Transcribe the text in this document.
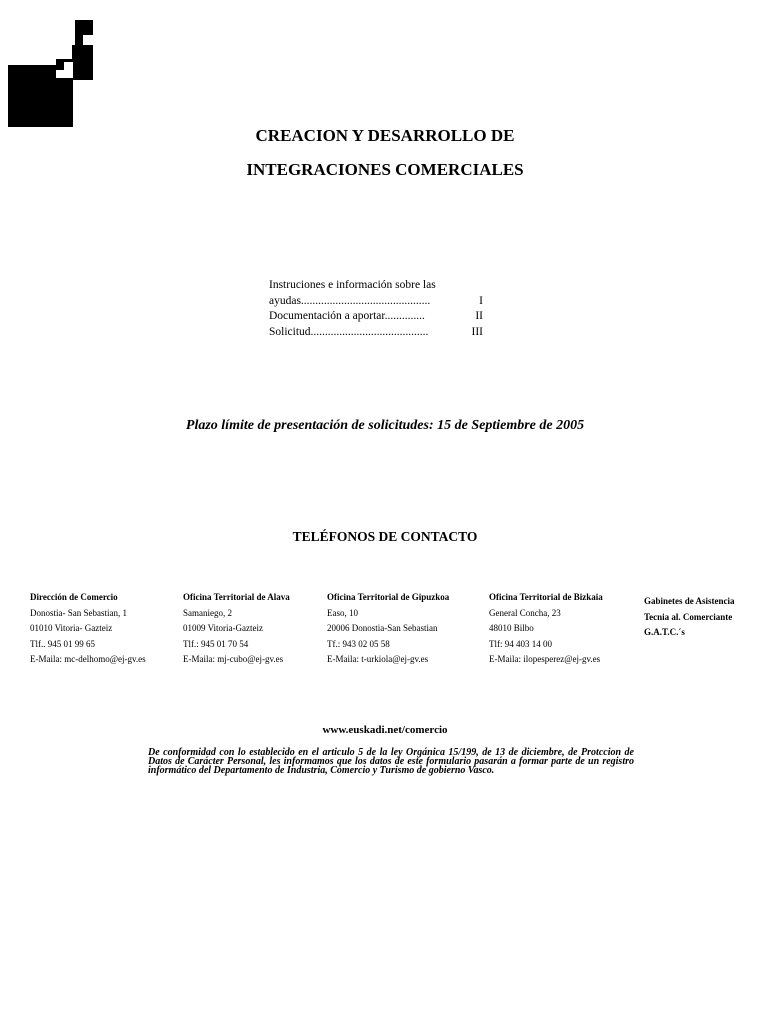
CREACION Y DESARROLLO DE
INTEGRACIONES COMERCIALES
Instruciones e información sobre las
ayudas.............................................	I
Documentación a aportar..............	II
Solicitud.........................................	III
Plazo límite de presentación de solicitudes: 15 de Septiembre de 2005
TELÉFONOS DE CONTACTO
Dirección de Comercio
Donostia- San Sebastian, 1
01010 Vitoria- Gazteiz
Tlf.. 945 01 99 65
E-Maila: mc-delhomo@ej-gv.es
Oficina Territorial de Alava
Samaniego, 2
01009 Vitoria-Gazteiz
Tlf.: 945 01 70 54
E-Maila: mj-cubo@ej-gv.es
Oficina Territorial de Gipuzkoa
Easo, 10
20006 Donostia-San Sebastian
Tf.: 943 02 05 58
E-Maila: t-urkiola@ej-gv.es
Oficina Territorial de Bizkaia
General Concha, 23
48010 Bilbo
Tlf: 94 403 14 00
E-Maila: ilopesperez@ej-gv.es
Gabinetes de Asistencia
Tecnia al. Comerciante
G.A.T.C.´s
www.euskadi.net/comercio
De conformidad con lo establecido en el articulo 5 de la ley Orgánica 15/199, de 13 de diciembre, de Protccion de Datos de Carácter Personal, les informamos que los datos de este formulario pasarán a formar parte de un registro informático del Departamento de Industria, Comercio y Turismo de gobierno Vasco.
